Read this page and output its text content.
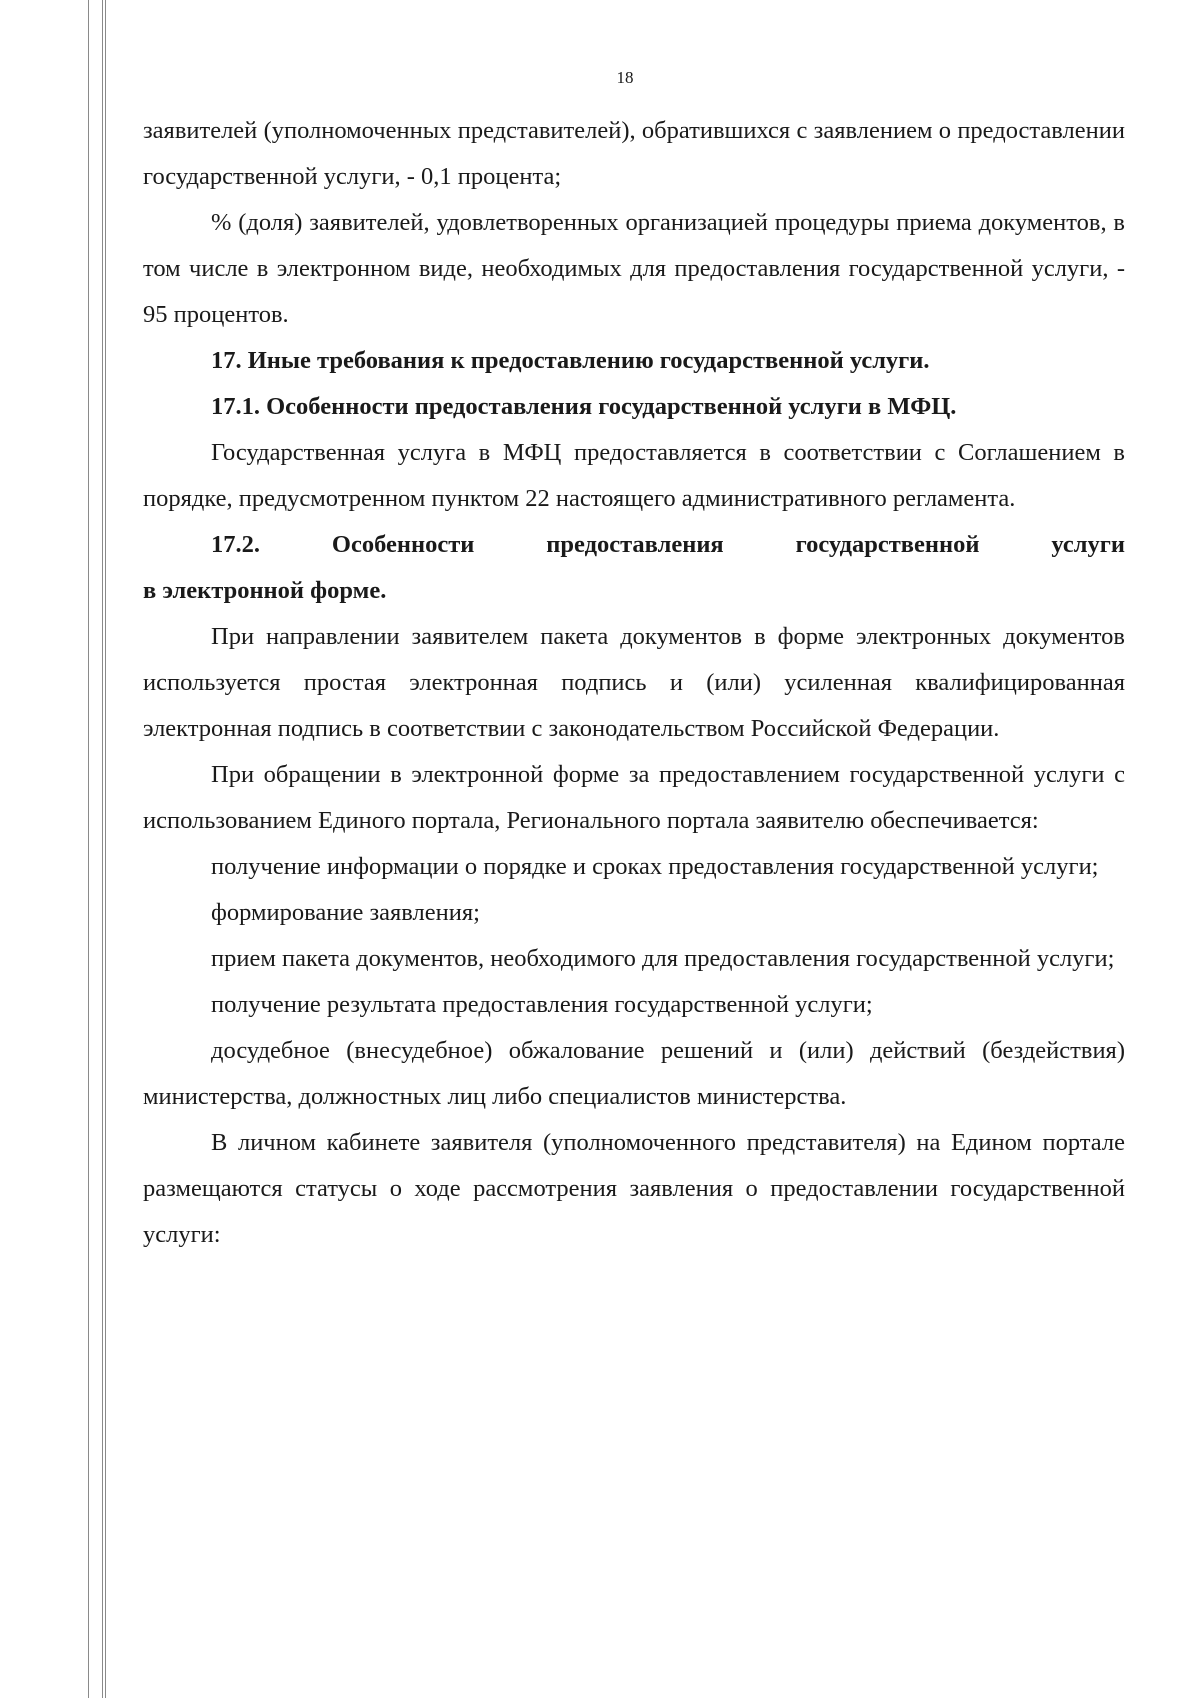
18

заявителей (уполномоченных представителей), обратившихся с заявлением о предоставлении государственной услуги, - 0,1 процента;

% (доля) заявителей, удовлетворенных организацией процедуры приема документов, в том числе в электронном виде, необходимых для предоставления государственной услуги, - 95 процентов.

17. Иные требования к предоставлению государственной услуги.

17.1. Особенности предоставления государственной услуги в МФЦ.

Государственная услуга в МФЦ предоставляется в соответствии с Соглашением в порядке, предусмотренном пунктом 22 настоящего административного регламента.

17.2. Особенности предоставления государственной услуги

в электронной форме.

При направлении заявителем пакета документов в форме электронных документов используется простая электронная подпись и (или) усиленная квалифицированная электронная подпись в соответствии с законодательством Российской Федерации.

При обращении в электронной форме за предоставлением государственной услуги с использованием Единого портала, Регионального портала заявителю обеспечивается:

получение информации о порядке и сроках предоставления государственной услуги;

формирование заявления;

прием пакета документов, необходимого для предоставления государственной услуги;

получение результата предоставления государственной услуги;

досудебное (внесудебное) обжалование решений и (или) действий (бездействия) министерства, должностных лиц либо специалистов министерства.

В личном кабинете заявителя (уполномоченного представителя) на Едином портале размещаются статусы о ходе рассмотрения заявления о предоставлении государственной услуги:
